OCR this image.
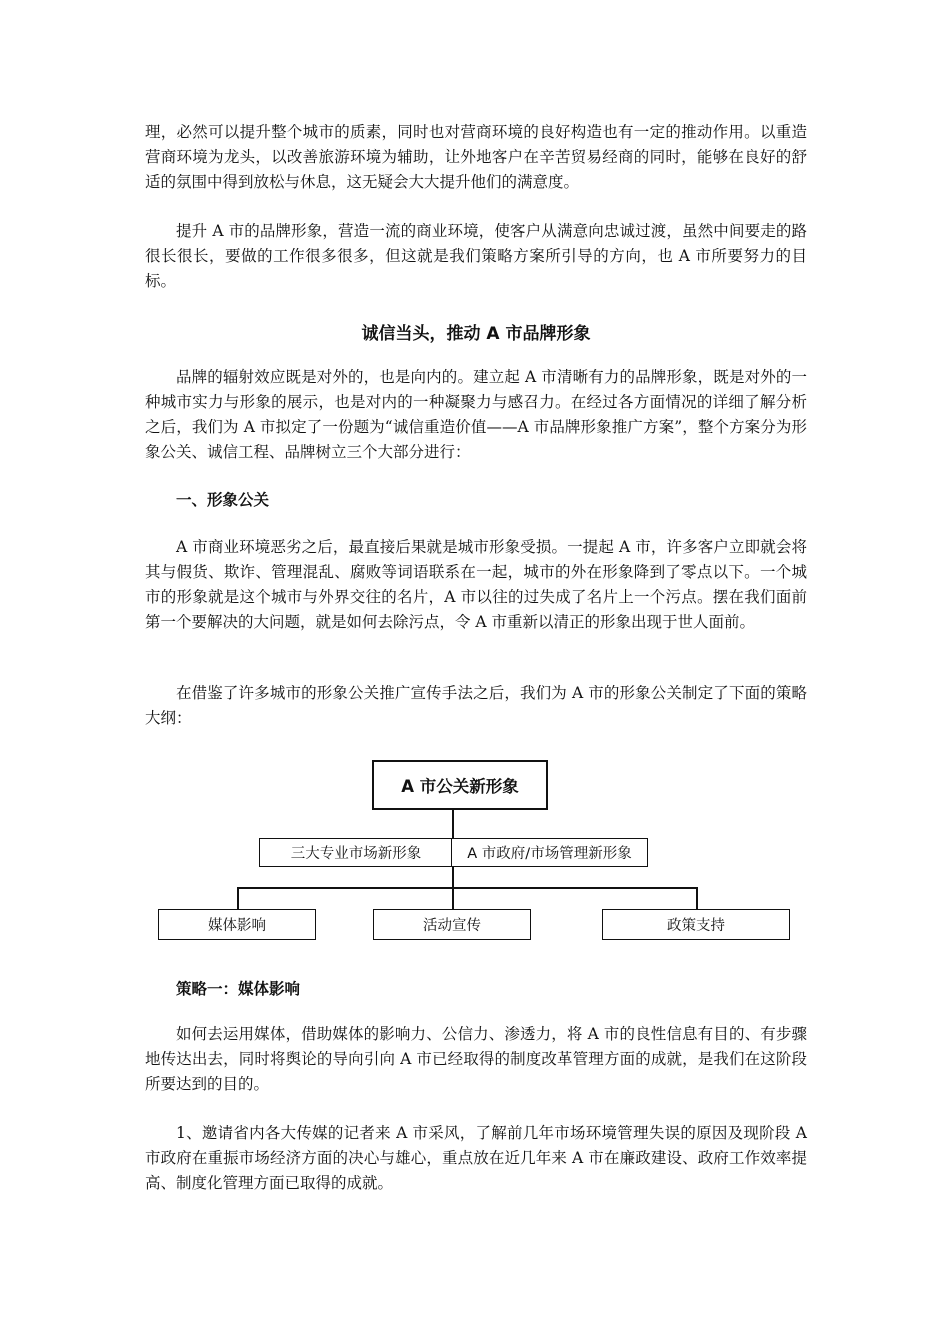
理，必然可以提升整个城市的质素，同时也对营商环境的良好构造也有一定的推动作用。以重造营商环境为龙头，以改善旅游环境为辅助，让外地客户在辛苦贸易经商的同时，能够在良好的舒适的氛围中得到放松与休息，这无疑会大大提升他们的满意度。

提升 A 市的品牌形象，营造一流的商业环境，使客户从满意向忠诚过渡，虽然中间要走的路很长很长，要做的工作很多很多，但这就是我们策略方案所引导的方向，也 A 市所要努力的目标。

诚信当头，推动 A 市品牌形象

品牌的辐射效应既是对外的，也是向内的。建立起 A 市清晰有力的品牌形象，既是对外的一种城市实力与形象的展示，也是对内的一种凝聚力与感召力。在经过各方面情况的详细了解分析之后，我们为 A 市拟定了一份题为“诚信重造价值——A 市品牌形象推广方案”，整个方案分为形象公关、诚信工程、品牌树立三个大部分进行：

一、形象公关

A 市商业环境恶劣之后，最直接后果就是城市形象受损。一提起 A 市，许多客户立即就会将其与假货、欺诈、管理混乱、腐败等词语联系在一起，城市的外在形象降到了零点以下。一个城市的形象就是这个城市与外界交往的名片，A 市以往的过失成了名片上一个污点。摆在我们面前第一个要解决的大问题，就是如何去除污点，令 A 市重新以清正的形象出现于世人面前。

在借鉴了许多城市的形象公关推广宣传手法之后，我们为 A 市的形象公关制定了下面的策略大纲：

A 市公关新形象
三大专业市场新形象	A 市政府/市场管理新形象
媒体影响	活动宣传	政策支持
策略一：媒体影响

如何去运用媒体，借助媒体的影响力、公信力、渗透力，将 A 市的良性信息有目的、有步骤地传达出去，同时将舆论的导向引向 A 市已经取得的制度改革管理方面的成就，是我们在这阶段所要达到的目的。

1、邀请省内各大传媒的记者来 A 市采风，了解前几年市场环境管理失误的原因及现阶段 A 市政府在重振市场经济方面的决心与雄心，重点放在近几年来 A 市在廉政建设、政府工作效率提高、制度化管理方面已取得的成就。
